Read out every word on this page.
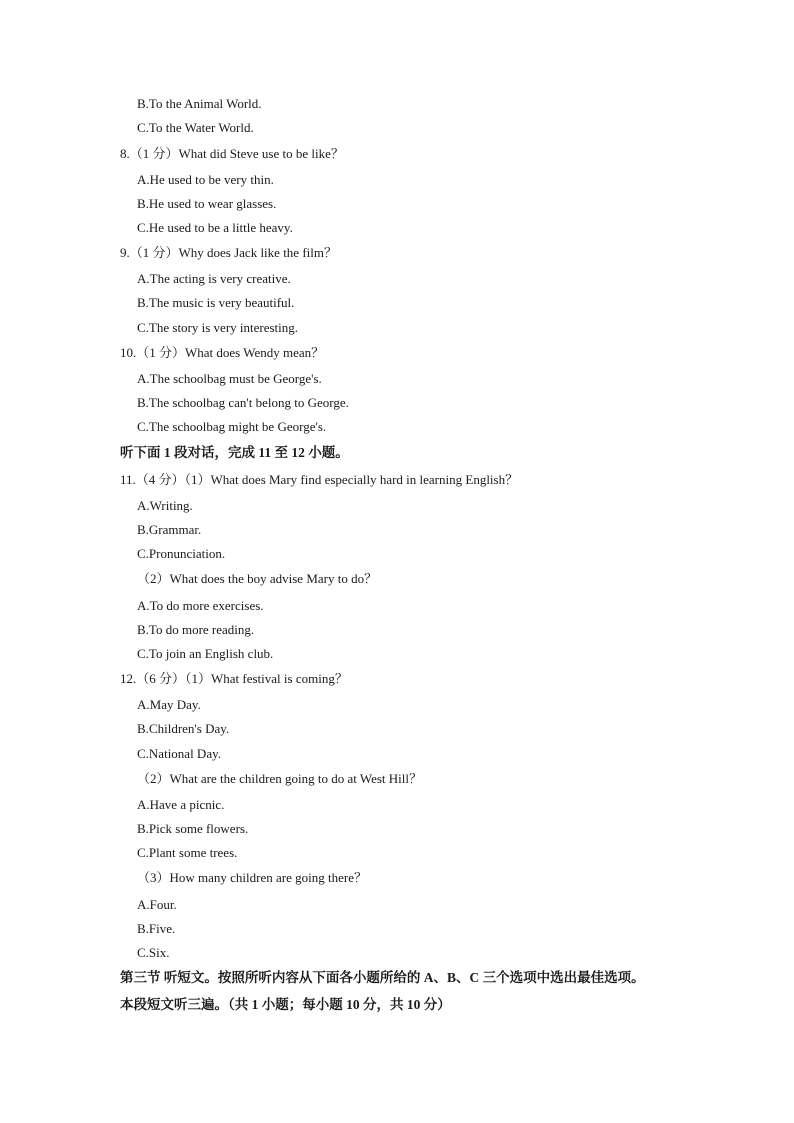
B.To the Animal World.
C.To the Water World.
8.（1 分）What did Steve use to be like？
A.He used to be very thin.
B.He used to wear glasses.
C.He used to be a little heavy.
9.（1 分）Why does Jack like the film？
A.The acting is very creative.
B.The music is very beautiful.
C.The story is very interesting.
10.（1 分）What does Wendy mean？
A.The schoolbag must be George's.
B.The schoolbag can't belong to George.
C.The schoolbag might be George's.
听下面 1 段对话，完成 11 至 12 小题。
11.（4 分）（1）What does Mary find especially hard in learning English？
A.Writing.
B.Grammar.
C.Pronunciation.
（2）What does the boy advise Mary to do？
A.To do more exercises.
B.To do more reading.
C.To join an English club.
12.（6 分）（1）What festival is coming？
A.May Day.
B.Children's Day.
C.National Day.
（2）What are the children going to do at West Hill？
A.Have a picnic.
B.Pick some flowers.
C.Plant some trees.
（3）How many children are going there？
A.Four.
B.Five.
C.Six.
第三节 听短文。按照所听内容从下面各小题所给的 A、B、C 三个选项中选出最佳选项。
本段短文听三遍。（共 1 小题；每小题 10 分，共 10 分）
